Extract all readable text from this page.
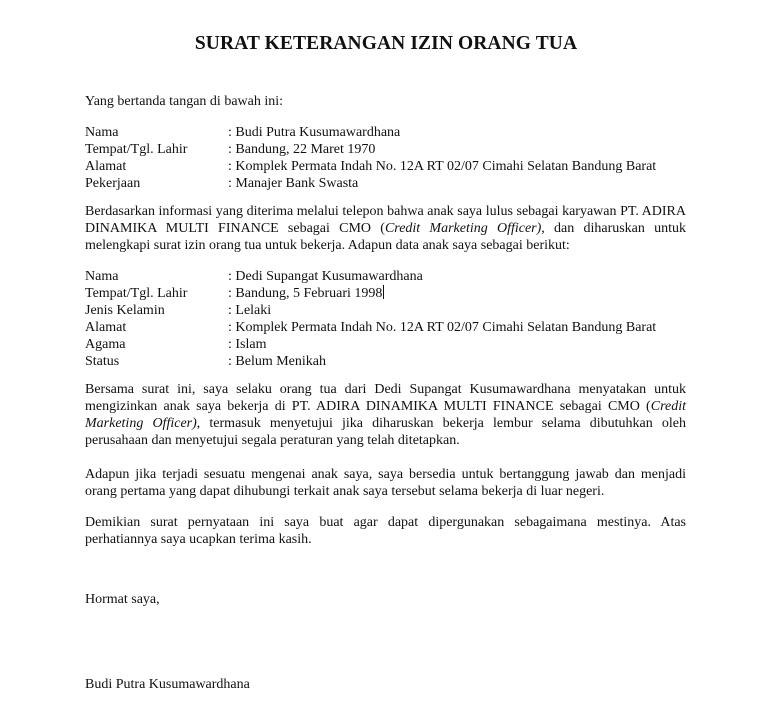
SURAT KETERANGAN IZIN ORANG TUA

Yang bertanda tangan di bawah ini:

Nama	: Budi Putra Kusumawardhana
Tempat/Tgl. Lahir	: Bandung, 22 Maret 1970
Alamat	: Komplek Permata Indah No. 12A RT 02/07 Cimahi Selatan Bandung Barat
Pekerjaan	: Manajer Bank Swasta

Berdasarkan informasi yang diterima melalui telepon bahwa anak saya lulus sebagai karyawan PT. ADIRA DINAMIKA MULTI FINANCE sebagai CMO (Credit Marketing Officer), dan diharuskan untuk melengkapi surat izin orang tua untuk bekerja. Adapun data anak saya sebagai berikut:

Nama	: Dedi Supangat Kusumawardhana
Tempat/Tgl. Lahir	: Bandung, 5 Februari 1998
Jenis Kelamin	: Lelaki
Alamat	: Komplek Permata Indah No. 12A RT 02/07 Cimahi Selatan Bandung Barat
Agama	: Islam
Status	: Belum Menikah

Bersama surat ini, saya selaku orang tua dari Dedi Supangat Kusumawardhana menyatakan untuk mengizinkan anak saya bekerja di PT. ADIRA DINAMIKA MULTI FINANCE sebagai CMO (Credit Marketing Officer), termasuk menyetujui jika diharuskan bekerja lembur selama dibutuhkan oleh perusahaan dan menyetujui segala peraturan yang telah ditetapkan.

Adapun jika terjadi sesuatu mengenai anak saya, saya bersedia untuk bertanggung jawab dan menjadi orang pertama yang dapat dihubungi terkait anak saya tersebut selama bekerja di luar negeri.

Demikian surat pernyataan ini saya buat agar dapat dipergunakan sebagaimana mestinya. Atas perhatiannya saya ucapkan terima kasih.

Hormat saya,

Budi Putra Kusumawardhana
